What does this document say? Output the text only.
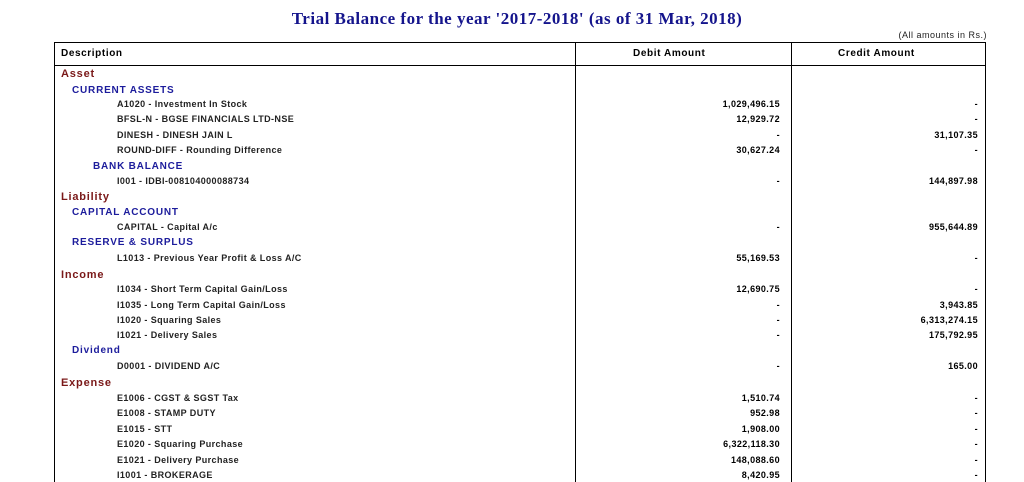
Trial Balance for the year '2017-2018' (as of 31 Mar, 2018)
(All amounts in Rs.)
Description	Debit Amount	Credit Amount
Asset
CURRENT ASSETS
A1020 - Investment In Stock	1,029,496.15	-
BFSL-N - BGSE FINANCIALS LTD-NSE	12,929.72	-
DINESH - DINESH JAIN L	-	31,107.35
ROUND-DIFF - Rounding Difference	30,627.24	-
BANK BALANCE
I001 - IDBI-008104000088734	-	144,897.98
Liability
CAPITAL ACCOUNT
CAPITAL - Capital A/c	-	955,644.89
RESERVE & SURPLUS
L1013 - Previous Year Profit & Loss A/C	55,169.53	-
Income
I1034 - Short Term Capital Gain/Loss	12,690.75	-
I1035 - Long Term Capital Gain/Loss	-	3,943.85
I1020 - Squaring Sales	-	6,313,274.15
I1021 - Delivery Sales	-	175,792.95
Dividend
D0001 - DIVIDEND A/C	-	165.00
Expense
E1006 - CGST & SGST Tax	1,510.74	-
E1008 - STAMP DUTY	952.98	-
E1015 - STT	1,908.00	-
E1020 - Squaring Purchase	6,322,118.30	-
E1021 - Delivery Purchase	148,088.60	-
I1001 - BROKERAGE	8,420.95	-
